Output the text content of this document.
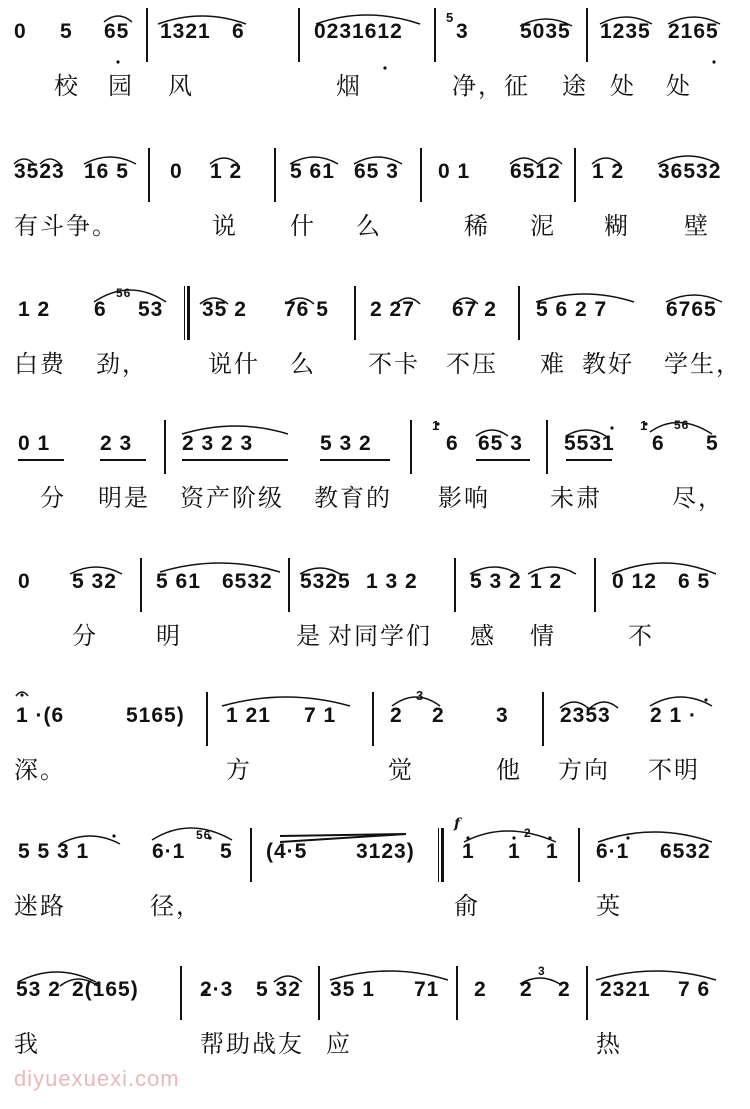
0 5 65 1321 6	0231612
5
3 5035 1235 2165
校 园 风	烟	净，征 途 处 处
3523 16 5 0 1 2 5 61 65 3 0 1 6512 1 2 36532
有斗争。	说 什 么	稀 泥 糊 壁
1 2 6
56
53 35 2 76 5 2 27 67 2 5 6 2 7	6765
白费 劲，	说什 么 不卡 不压 难 教好 学生，
0 1 2 3 2 3 2 3	5 3 2
1
6 65 3 5531
1
6
56
5
分 明是 资产阶级 教育的 影响	未肃	尽，
0 5 32 5 61 6532 5325 1 3 2 5 3 2 1 2 0 12 6 5
分 明	是 对同学们 感 情	不
1 ·(6	5165) 1 21 7 1	2
3
2 3 2353 2 1 ·
深。	方	觉	他 方向 不明
f
5 5 3 1	6·1
56
5 (4·5 3123) 1 1
2
1 6·1 6532
迷路	径，	俞	英
53 2 2(165)	2·3 5 32 35 1 71 2 2
3
2 2321 7 6
我	帮助战友 应	热
diyuexuexi.com
